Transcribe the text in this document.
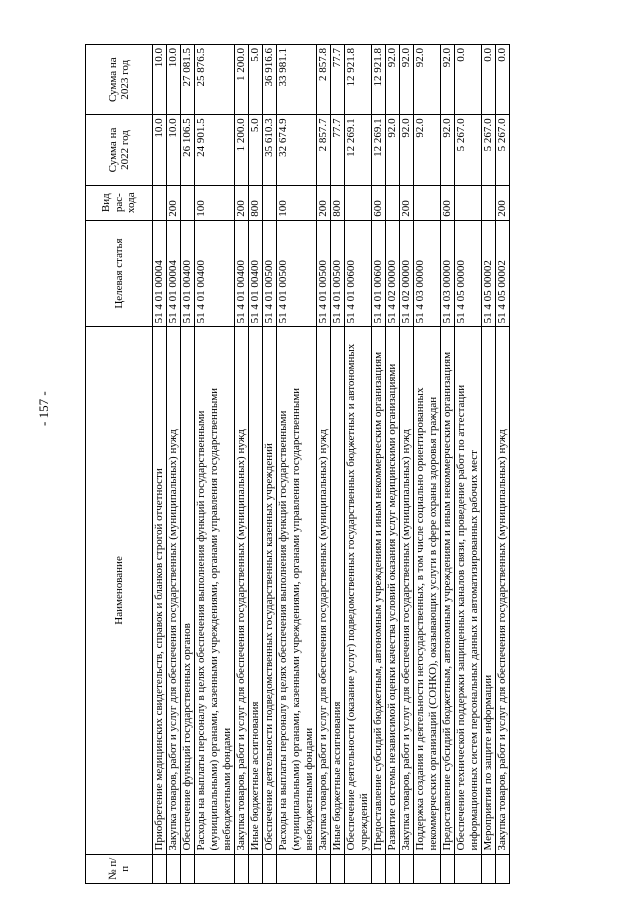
- 157 -
№ п/п	Наименование	Целевая статья	Вид рас- хода	Сумма на 2022 год	Сумма на 2023 год
	Приобретение медицинских свидетельств, справок и бланков строгой отчетности	51 4 01 00004		10.0	10.0
	Закупка товаров, работ и услуг для обеспечения государственных (муниципальных) нужд	51 4 01 00004	200	10.0	10.0
	Обеспечение функций государственных органов	51 4 01 00400		26 106.5	27 081.5
	Расходы на выплаты персоналу в целях обеспечения выполнения функций государственными (муниципальными) органами, казенными учреждениями, органами управления государственными внебюджетными фондами	51 4 01 00400	100	24 901.5	25 876.5
	Закупка товаров, работ и услуг для обеспечения государственных (муниципальных) нужд	51 4 01 00400	200	1 200.0	1 200.0
	Иные бюджетные ассигнования	51 4 01 00400	800	5.0	5.0
	Обеспечение деятельности подведомственных государственных казенных учреждений	51 4 01 00500		35 610.3	36 916.6
	Расходы на выплаты персоналу в целях обеспечения выполнения функций государственными (муниципальными) органами, казенными учреждениями, органами управления государственными внебюджетными фондами	51 4 01 00500	100	32 674.9	33 981.1
	Закупка товаров, работ и услуг для обеспечения государственных (муниципальных) нужд	51 4 01 00500	200	2 857.7	2 857.8
	Иные бюджетные ассигнования	51 4 01 00500	800	77.7	77.7
	Обеспечение деятельности (оказание услуг) подведомственных государственных бюджетных и автономных учреждений	51 4 01 00600		12 269.1	12 921.8
	Предоставление субсидий бюджетным, автономным учреждениям и иным некоммерческим организациям	51 4 01 00600	600	12 269.1	12 921.8
	Развитие системы независимой оценки качества условий оказания услуг медицинскими организациями	51 4 02 00000		92.0	92.0
	Закупка товаров, работ и услуг для обеспечения государственных (муниципальных) нужд	51 4 02 00000	200	92.0	92.0
	Поддержка создания и деятельности негосударственных, в том числе социально ориентированных некоммерческих организаций (СОНКО), оказывающих услуги в сфере охраны здоровья граждан	51 4 03 00000		92.0	92.0
	Предоставление субсидий бюджетным, автономным учреждениям и иным некоммерческим организациям	51 4 03 00000	600	92.0	92.0
	Обеспечение технической поддержки защищенных каналов связи, проведение работ по аттестации информационных систем персональных данных и автоматизированных рабочих мест	51 4 05 00000		5 267.0	0.0
	Мероприятия по защите информации	51 4 05 00002		5 267.0	0.0
	Закупка товаров, работ и услуг для обеспечения государственных (муниципальных) нужд	51 4 05 00002	200	5 267.0	0.0
